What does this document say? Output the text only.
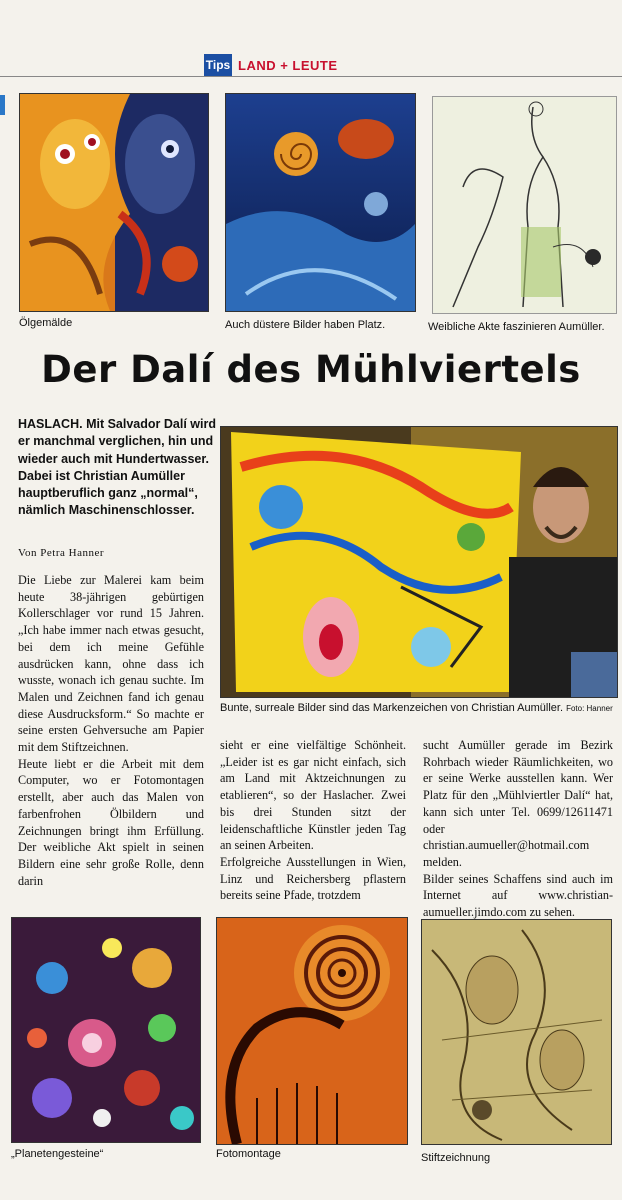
Tips LAND + LEUTE
Ölgemälde	Auch düstere Bilder haben Platz.	Weibliche Akte faszinieren Aumüller.
Der Dalí des Mühlviertels
HASLACH. Mit Salvador Dalí wird er manchmal verglichen, hin und wieder auch mit Hundertwasser. Dabei ist Christian Aumüller hauptberuflich ganz „normal“, nämlich Maschinenschlosser.
Von Petra Hanner
Bunte, surreale Bilder sind das Markenzeichen von Christian Aumüller. Foto: Hanner

Die Liebe zur Malerei kam beim heute 38-jährigen gebürtigen Kollerschlager vor rund 15 Jahren. „Ich habe immer nach etwas gesucht, bei dem ich meine Gefühle ausdrücken kann, ohne dass ich wusste, wonach ich genau suchte. Im Malen und Zeichnen fand ich genau diese Ausdrucksform.“ So machte er seine ersten Gehversuche am Papier mit dem Stiftzeichnen.

Heute liebt er die Arbeit mit dem Computer, wo er Fotomontagen erstellt, aber auch das Malen von farbenfrohen Ölbildern und Zeichnungen bringt ihm Erfüllung. Der weibliche Akt spielt in seinen Bildern eine sehr große Rolle, denn darin

sieht er eine vielfältige Schönheit. „Leider ist es gar nicht einfach, sich am Land mit Aktzeichnungen zu etablieren“, so der Haslacher. Zwei bis drei Stunden sitzt der leidenschaftliche Künstler jeden Tag an seinen Arbeiten.

Erfolgreiche Ausstellungen in Wien, Linz und Reichersberg pflastern bereits seine Pfade, trotzdem

sucht Aumüller gerade im Bezirk Rohrbach wieder Räumlichkeiten, wo er seine Werke ausstellen kann. Wer Platz für den „Mühlviertler Dalí“ hat, kann sich unter Tel. 0699/12611471 oder christian.aumueller@hotmail.com melden.

Bilder seines Schaffens sind auch im Internet auf www.christian-aumueller.jimdo.com zu sehen.

„Planetengesteine“	Fotomontage	Stiftzeichnung
